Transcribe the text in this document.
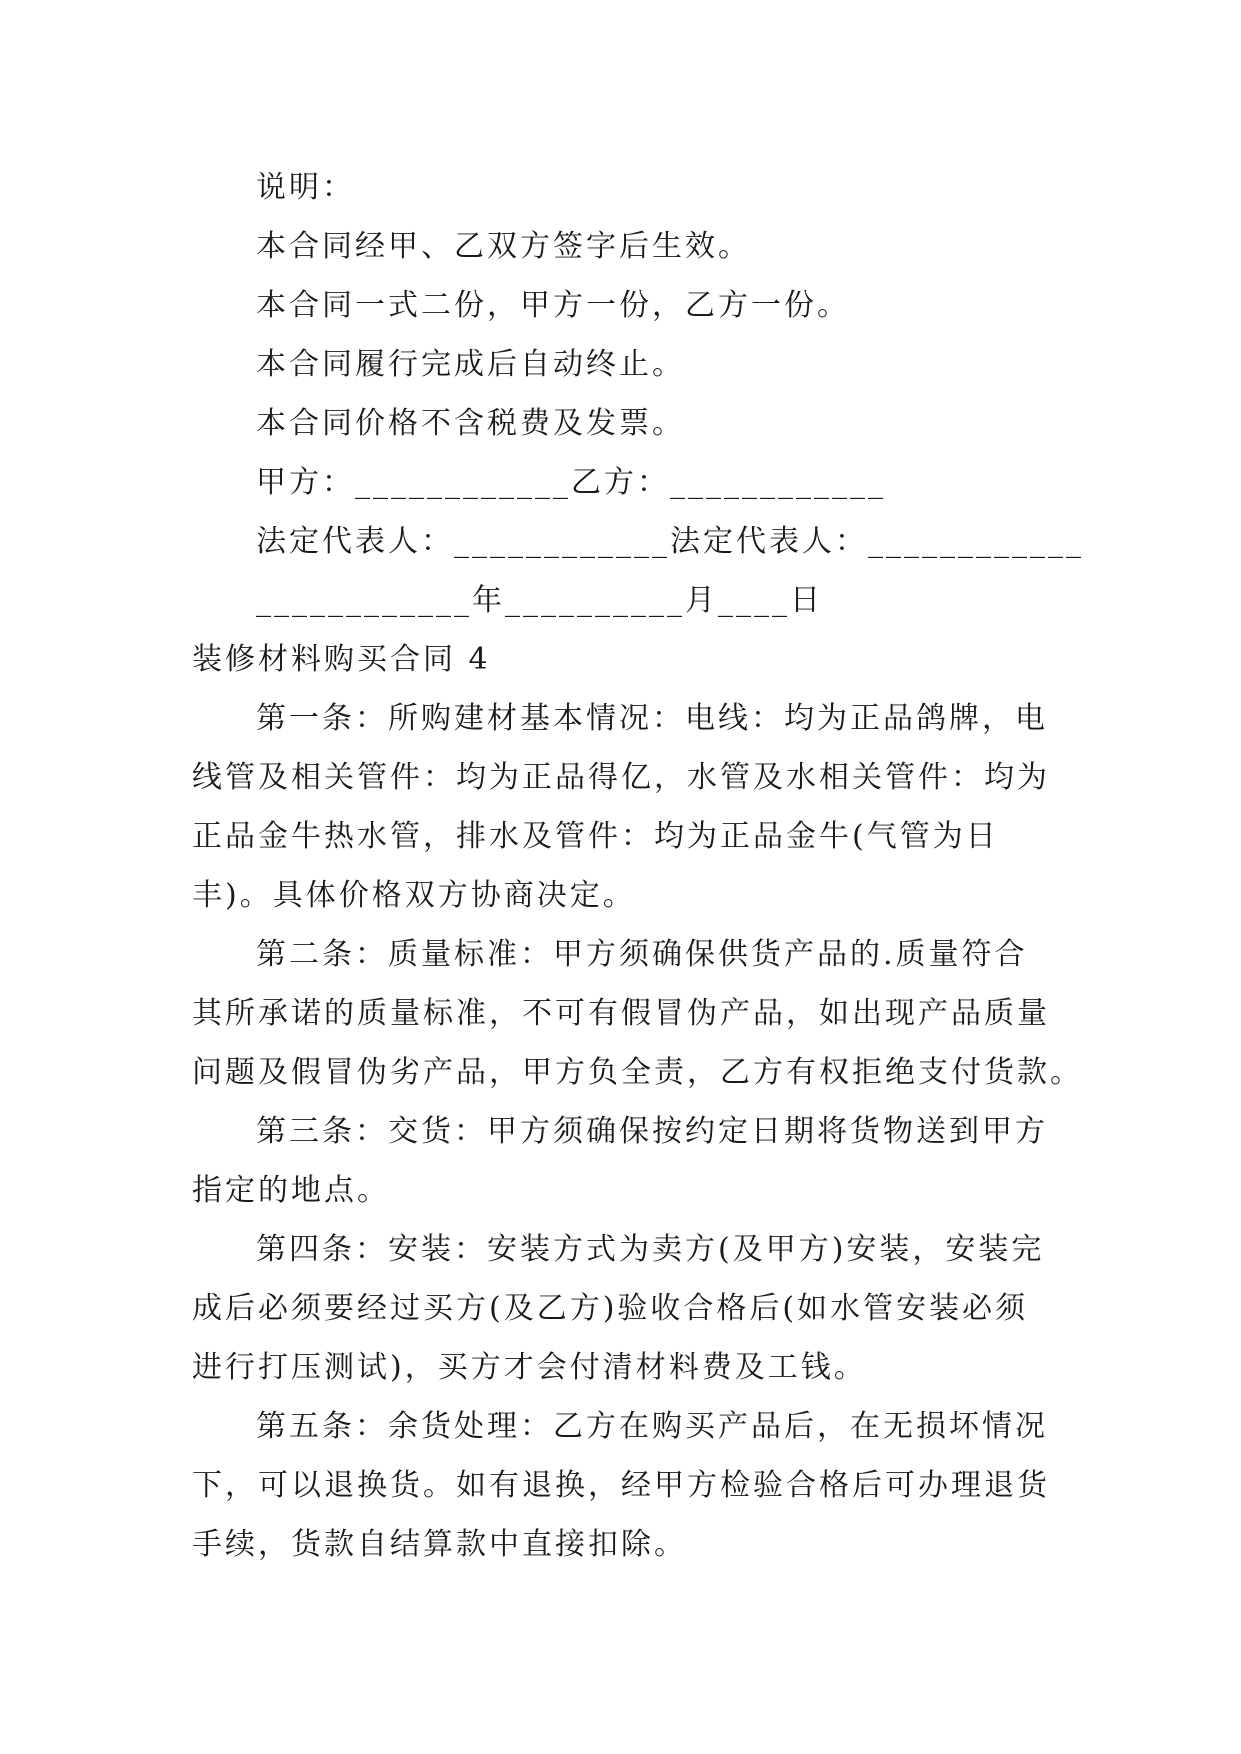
说明：
本合同经甲、乙双方签字后生效。
本合同一式二份，甲方一份，乙方一份。
本合同履行完成后自动终止。
本合同价格不含税费及发票。
甲方：____________乙方：____________
法定代表人：____________法定代表人：____________
____________年__________月____日
装修材料购买合同 4
第一条：所购建材基本情况：电线：均为正品鸽牌，电
线管及相关管件：均为正品得亿，水管及水相关管件：均为
正品金牛热水管，排水及管件：均为正品金牛(气管为日
丰)。具体价格双方协商决定。
第二条：质量标准：甲方须确保供货产品的.质量符合
其所承诺的质量标准，不可有假冒伪产品，如出现产品质量
问题及假冒伪劣产品，甲方负全责，乙方有权拒绝支付货款。
第三条：交货：甲方须确保按约定日期将货物送到甲方
指定的地点。
第四条：安装：安装方式为卖方(及甲方)安装，安装完
成后必须要经过买方(及乙方)验收合格后(如水管安装必须
进行打压测试)，买方才会付清材料费及工钱。
第五条：余货处理：乙方在购买产品后，在无损坏情况
下，可以退换货。如有退换，经甲方检验合格后可办理退货
手续，货款自结算款中直接扣除。
